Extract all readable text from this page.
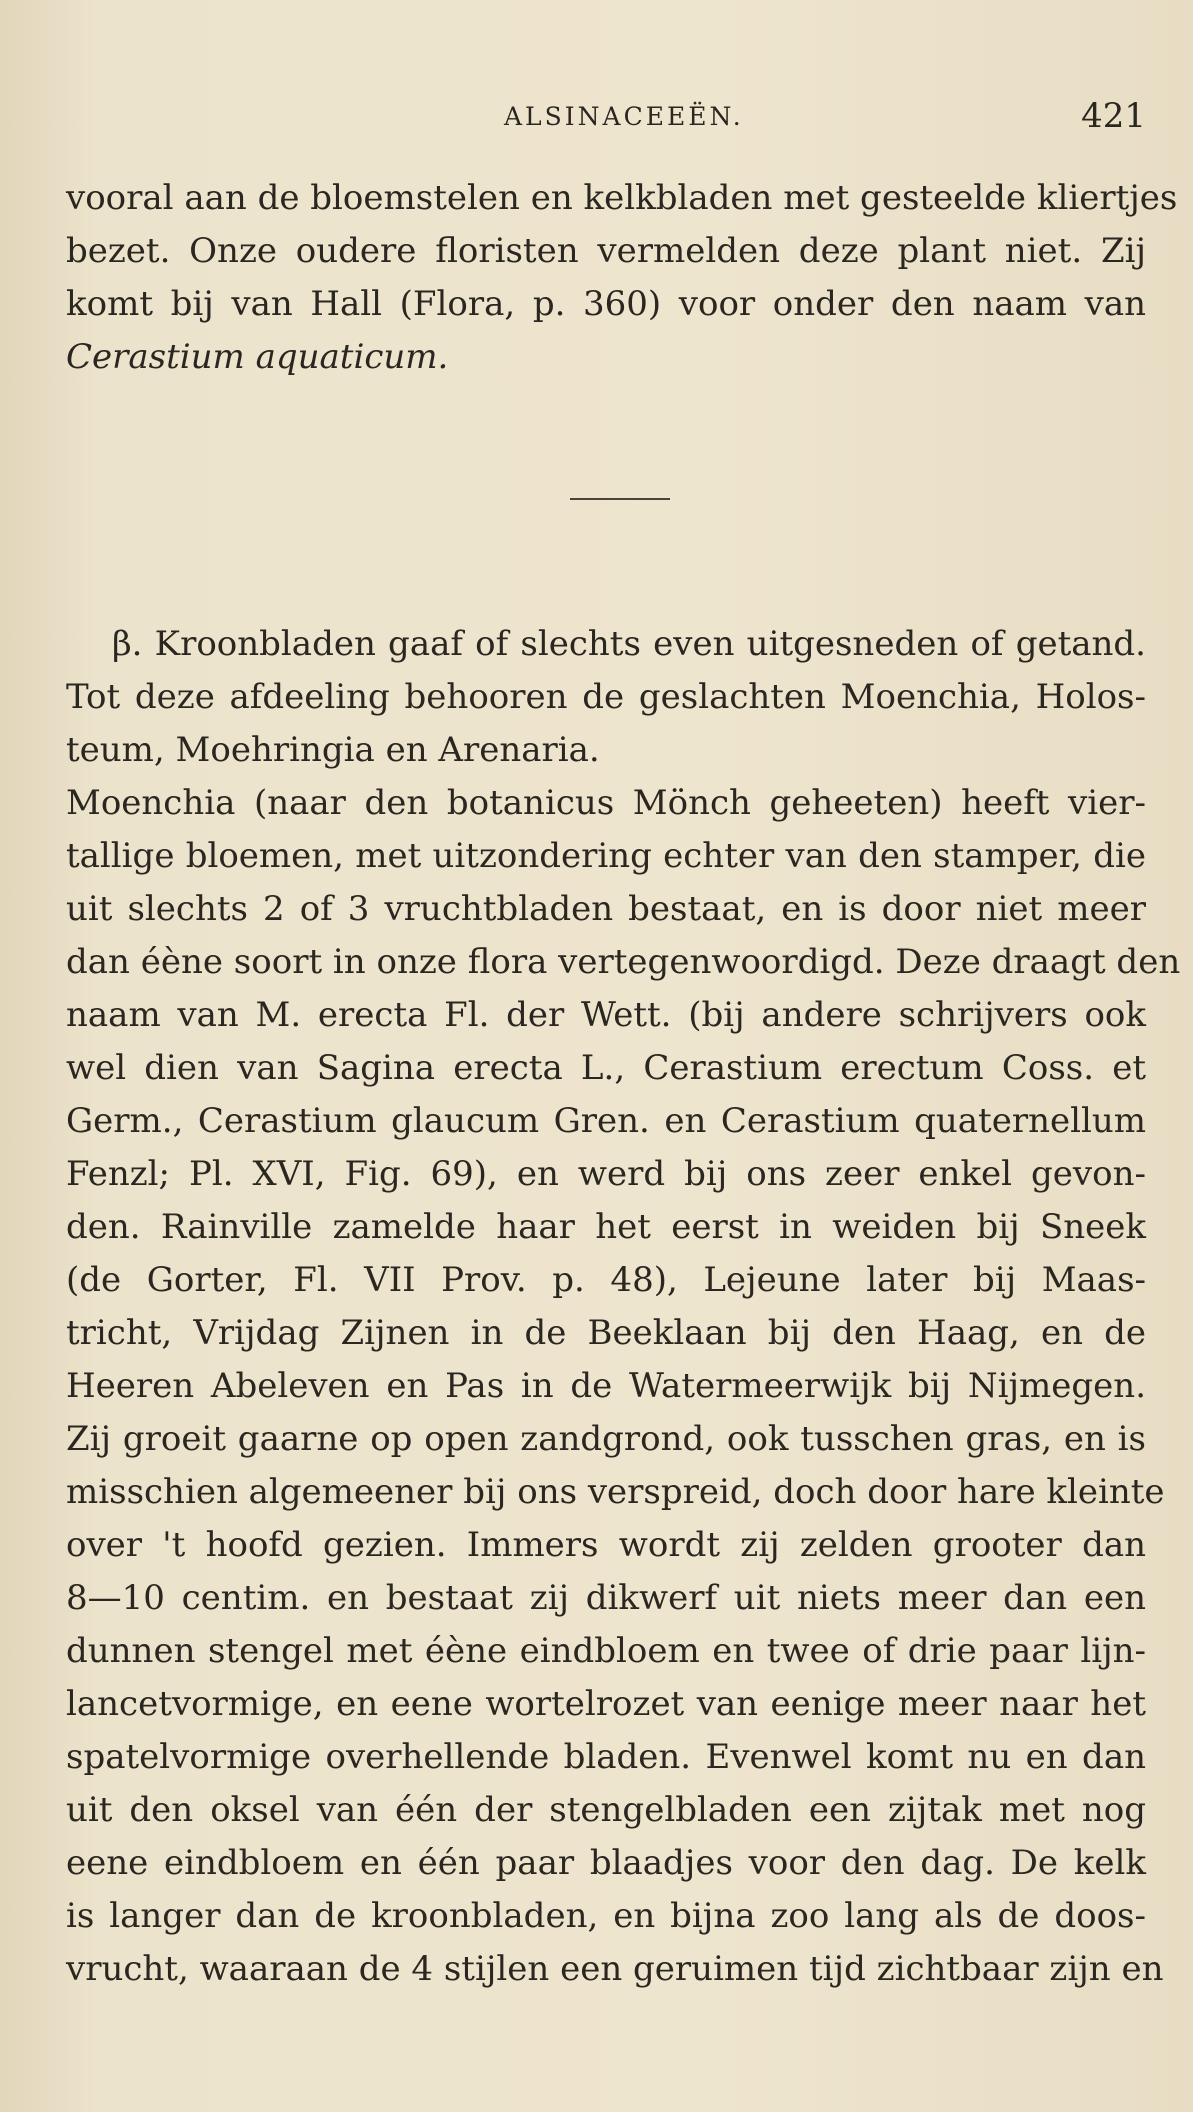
ALSINACEEËN.	421

vooral aan de bloemstelen en kelkbladen met gesteelde kliertjes
bezet. Onze oudere floristen vermelden deze plant niet. Zij
komt bij van Hall (Flora, p. 360) voor onder den naam van
Cerastium aquaticum.

β. Kroonbladen gaaf of slechts even uitgesneden of getand.
Tot deze afdeeling behooren de geslachten Moenchia, Holos-
teum, Moehringia en Arenaria.
Moenchia (naar den botanicus Mönch geheeten) heeft vier-
tallige bloemen, met uitzondering echter van den stamper, die
uit slechts 2 of 3 vruchtbladen bestaat, en is door niet meer
dan éène soort in onze flora vertegenwoordigd. Deze draagt den
naam van M. erecta Fl. der Wett. (bij andere schrijvers ook
wel dien van Sagina erecta L., Cerastium erectum Coss. et
Germ., Cerastium glaucum Gren. en Cerastium quaternellum
Fenzl; Pl. XVI, Fig. 69), en werd bij ons zeer enkel gevon-
den. Rainville zamelde haar het eerst in weiden bij Sneek
(de Gorter, Fl. VII Prov. p. 48), Lejeune later bij Maas-
tricht, Vrijdag Zijnen in de Beeklaan bij den Haag, en de
Heeren Abeleven en Pas in de Watermeerwijk bij Nijmegen.
Zij groeit gaarne op open zandgrond, ook tusschen gras, en is
misschien algemeener bij ons verspreid, doch door hare kleinte
over 't hoofd gezien. Immers wordt zij zelden grooter dan
8—10 centim. en bestaat zij dikwerf uit niets meer dan een
dunnen stengel met éène eindbloem en twee of drie paar lijn-
lancetvormige, en eene wortelrozet van eenige meer naar het
spatelvormige overhellende bladen. Evenwel komt nu en dan
uit den oksel van één der stengelbladen een zijtak met nog
eene eindbloem en één paar blaadjes voor den dag. De kelk
is langer dan de kroonbladen, en bijna zoo lang als de doos-
vrucht, waaraan de 4 stijlen een geruimen tijd zichtbaar zijn en
